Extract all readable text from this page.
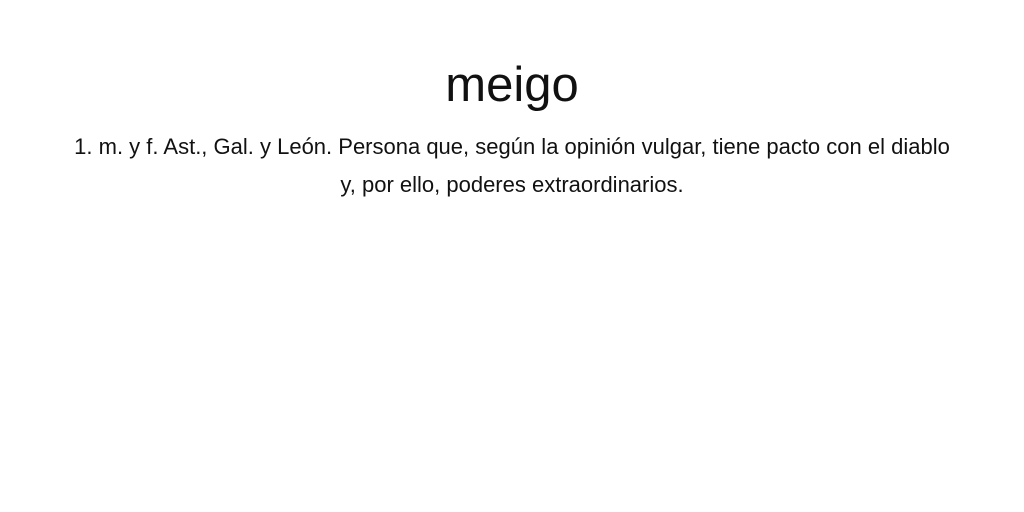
meigo

1. m. y f. Ast., Gal. y León. Persona que, según la opinión vulgar, tiene pacto con el diablo y, por ello, poderes extraordinarios.
